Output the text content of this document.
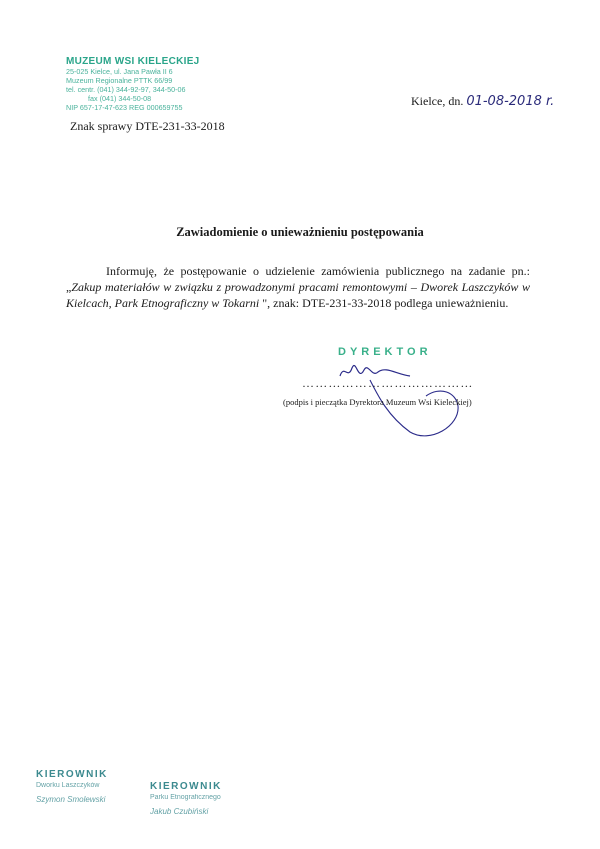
MUZEUM WSI KIELECKIEJ
25-025 Kielce, ul. Jana Pawła II 6
Muzeum Regionalne PTTK 66/99
tel. centr. (041) 344-92-97, 344-50-06
fax (041) 344-50-08
NIP 657-17-47-623 REG 000659755
Znak sprawy DTE-231-33-2018
Kielce, dn. 01-08-2018 r.
Zawiadomienie o unieważnieniu postępowania

Informuję, że postępowanie o udzielenie zamówienia publicznego na zadanie pn.: „Zakup materiałów w związku z prowadzonymi pracami remontowymi – Dworek Laszczyków w Kielcach, Park Etnograficzny w Tokarni ", znak: DTE-231-33-2018 podlega unieważnieniu.

DYREKTOR
…………………………………
(podpis i pieczątka Dyrektora Muzeum Wsi Kieleckiej)
KIEROWNIK
Dworku Laszczyków
Szymon Smolewski
KIEROWNIK
Parku Etnograficznego
Jakub Czubiński
